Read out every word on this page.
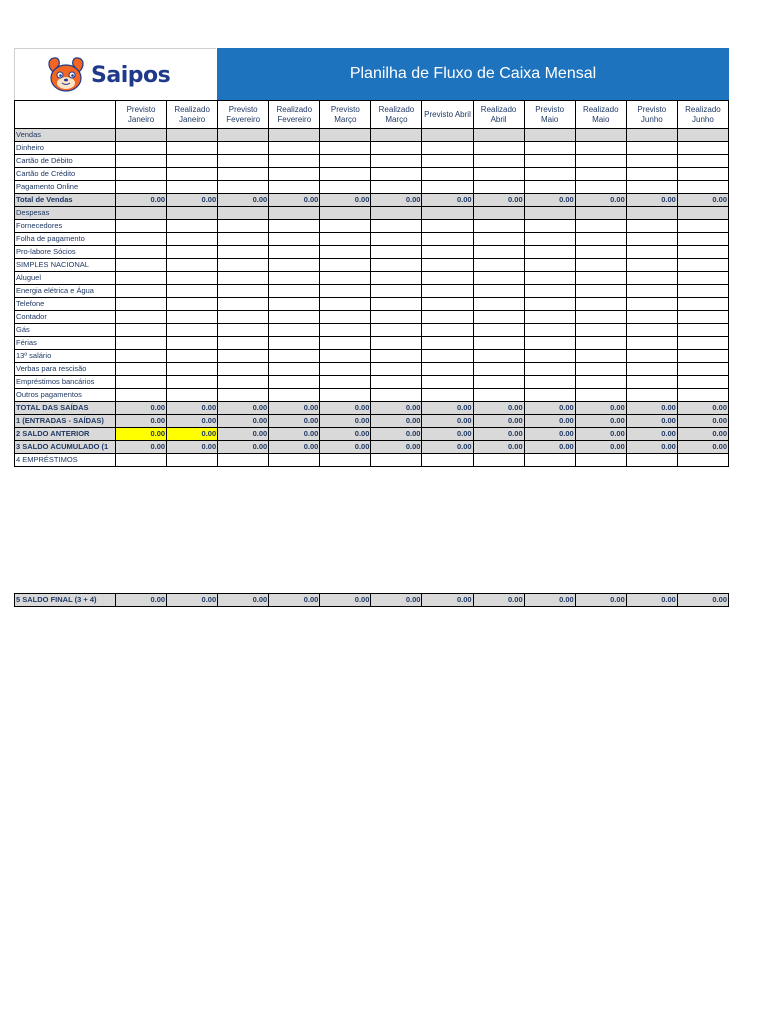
Saipos	Planilha de Fluxo de Caixa Mensal
	Previsto Janeiro	Realizado Janeiro	Previsto Fevereiro	Realizado Fevereiro	Previsto Março	Realizado Março	Previsto Abril	Realizado Abril	Previsto Maio	Realizado Maio	Previsto Junho	Realizado Junho
Vendas												
Dinheiro												
Cartão de Débito												
Cartão de Crédito												
Pagamento Online												
Total de Vendas	0.00	0.00	0.00	0.00	0.00	0.00	0.00	0.00	0.00	0.00	0.00	0.00
Despesas												
Fornecedores												
Folha de pagamento												
Pro-labore Sócios												
SIMPLES NACIONAL												
Aluguel												
Energia elétrica e Água												
Telefone												
Contador												
Gás												
Férias												
13º salário												
Verbas para rescisão												
Empréstimos bancários												
Outros pagamentos												
TOTAL DAS SAÍDAS	0.00	0.00	0.00	0.00	0.00	0.00	0.00	0.00	0.00	0.00	0.00	0.00
1 (ENTRADAS - SAÍDAS)	0.00	0.00	0.00	0.00	0.00	0.00	0.00	0.00	0.00	0.00	0.00	0.00
2 SALDO ANTERIOR	0.00	0.00	0.00	0.00	0.00	0.00	0.00	0.00	0.00	0.00	0.00	0.00
3 SALDO ACUMULADO (1	0.00	0.00	0.00	0.00	0.00	0.00	0.00	0.00	0.00	0.00	0.00	0.00
4 EMPRÉSTIMOS												
5 SALDO FINAL (3 + 4)	0.00	0.00	0.00	0.00	0.00	0.00	0.00	0.00	0.00	0.00	0.00	0.00
